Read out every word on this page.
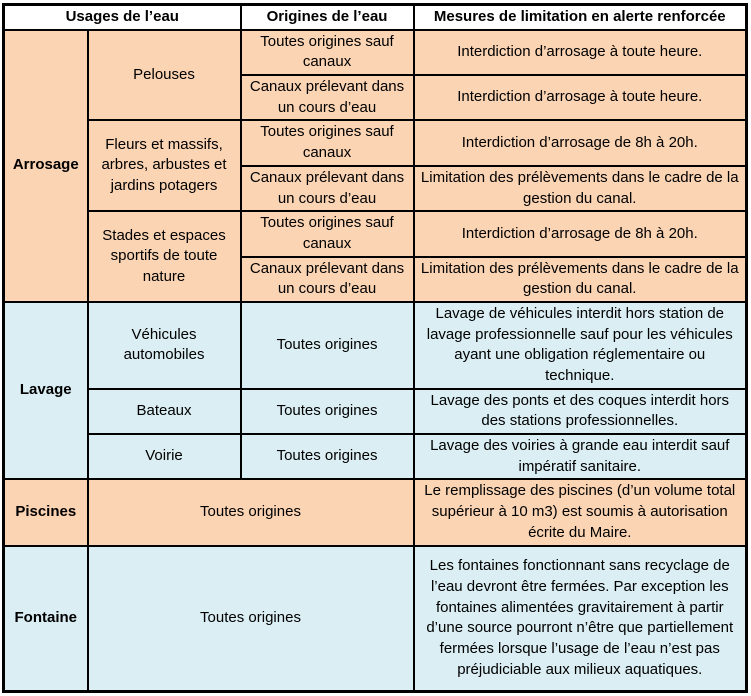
Usages de l’eau		Origines de l’eau	Mesures de limitation en alerte renforcée
Arrosage	Pelouses	Toutes origines sauf canaux	Interdiction d’arrosage à toute heure.
		Canaux prélevant dans un cours d’eau	Interdiction d’arrosage à toute heure.
	Fleurs et massifs, arbres, arbustes et jardins potagers	Toutes origines sauf canaux	Interdiction d’arrosage de 8h à 20h.
		Canaux prélevant dans un cours d’eau	Limitation des prélèvements dans le cadre de la gestion du canal.
	Stades et espaces sportifs de toute nature	Toutes origines sauf canaux	Interdiction d’arrosage de 8h à 20h.
		Canaux prélevant dans un cours d’eau	Limitation des prélèvements dans le cadre de la gestion du canal.
Lavage	Véhicules automobiles	Toutes origines	Lavage de véhicules interdit hors station de lavage professionnelle sauf pour les véhicules ayant une obligation réglementaire ou technique.
	Bateaux	Toutes origines	Lavage des ponts et des coques interdit hors des stations professionnelles.
	Voirie	Toutes origines	Lavage des voiries à grande eau interdit sauf impératif sanitaire.
Piscines	Toutes origines		Le remplissage des piscines (d’un volume total supérieur à 10 m3) est soumis à autorisation écrite du Maire.
Fontaine	Toutes origines		Les fontaines fonctionnant sans recyclage de l’eau devront être fermées. Par exception les fontaines alimentées gravitairement à partir d’une source pourront n’être que partiellement fermées lorsque l’usage de l’eau n’est pas préjudiciable aux milieux aquatiques.
